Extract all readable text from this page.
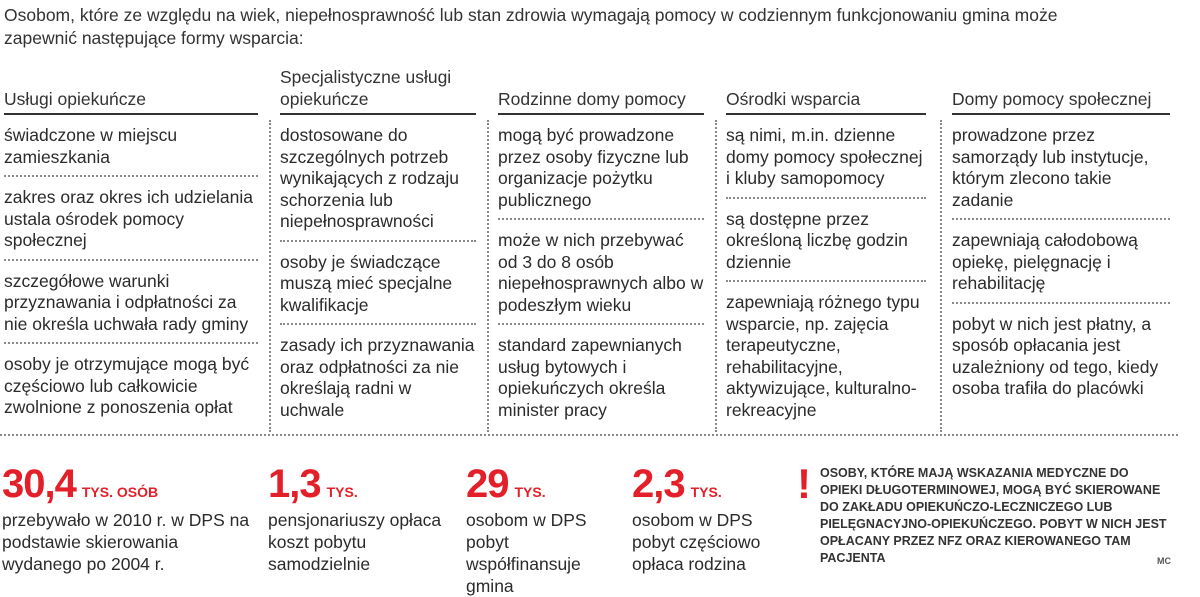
Osobom, które ze względu na wiek, niepełnosprawność lub stan zdrowia wymagają pomocy w codziennym funkcjonowaniu gmina może zapewnić następujące formy wsparcia:
Usługi opiekuńcze
świadczone w miejscu zamieszkania
zakres oraz okres ich udzielania ustala ośrodek pomocy społecznej
szczegółowe warunki przyznawania i odpłatności za nie określa uchwała rady gminy
osoby je otrzymujące mogą być częściowo lub całkowicie zwolnione z ponoszenia opłat
Specjalistyczne usługi opiekuńcze
dostosowane do szczególnych potrzeb wynikających z rodzaju schorzenia lub niepełnosprawności
osoby je świadczące muszą mieć specjalne kwalifikacje
zasady ich przyznawania oraz odpłatności za nie określają radni w uchwale
Rodzinne domy pomocy
mogą być prowadzone przez osoby fizyczne lub organizacje pożytku publicznego
może w nich przebywać od 3 do 8 osób niepełnosprawnych albo w podeszłym wieku
standard zapewnianych usług bytowych i opiekuńczych określa minister pracy
Ośrodki wsparcia
są nimi, m.in. dzienne domy pomocy społecznej i kluby samopomocy
są dostępne przez określoną liczbę godzin dziennie
zapewniają różnego typu wsparcie, np. zajęcia terapeutyczne, rehabilitacyjne, aktywizujące, kulturalno-rekreacyjne
Domy pomocy społecznej
prowadzone przez samorządy lub instytucje, którym zlecono takie zadanie
zapewniają całodobową opiekę, pielęgnację i rehabilitację
pobyt w nich jest płatny, a sposób opłacania jest uzależniony od tego, kiedy osoba trafiła do placówki
30,4 TYS. OSÓB
przebywało w 2010 r. w DPS na podstawie skierowania wydanego po 2004 r.
1,3 TYS.
pensjonariuszy opłaca koszt pobytu samodzielnie
29 TYS.
osobom w DPS pobyt współfinansuje gmina
2,3 TYS.
osobom w DPS pobyt częściowo opłaca rodzina
! OSOBY, KTÓRE MAJĄ WSKAZANIA MEDYCZNE DO OPIEKI DŁUGOTERMINOWEJ, MOGĄ BYĆ SKIEROWANE DO ZAKŁADU OPIEKUŃCZO-LECZNICZEGO LUB PIELĘGNACYJNO-OPIEKUŃCZEGO. POBYT W NICH JEST OPŁACANY PRZEZ NFZ ORAZ KIEROWANEGO TAM PACJENTA	MC
